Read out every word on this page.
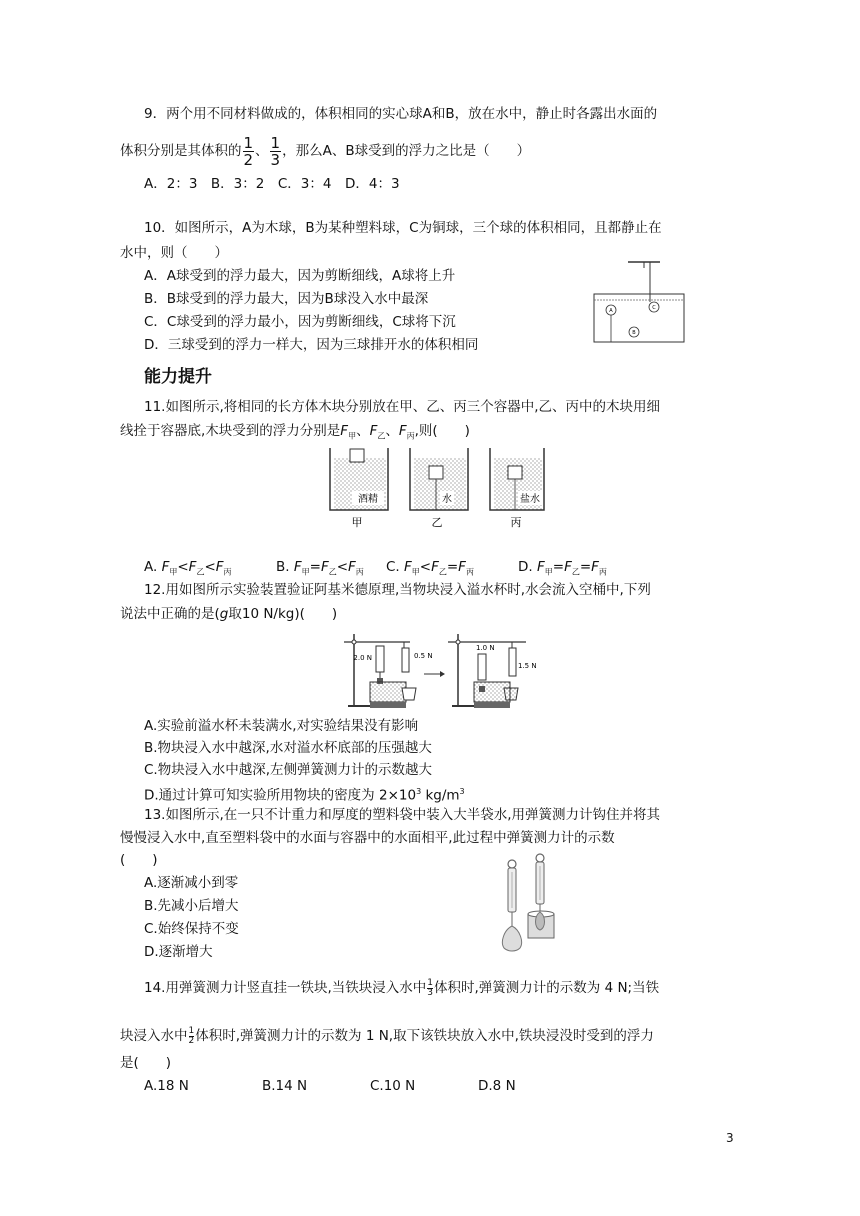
9．两个用不同材料做成的，体积相同的实心球A和B，放在水中，静止时各露出水面的
体积分别是其体积的 $\frac{1}{2}$ 、 $\frac{1}{3}$ ，那么A、B球受到的浮力之比是（　　）
A．2：3　B．3：2　C．3：4　D．4：3
10．如图所示，A为木球，B为某种塑料球，C为铜球，三个球的体积相同，且都静止在
水中，则（　　）
A．A球受到的浮力最大，因为剪断细线，A球将上升
B．B球受到的浮力最大，因为B球没入水中最深
C．C球受到的浮力最小，因为剪断细线，C球将下沉
D．三球受到的浮力一样大，因为三球排开水的体积相同
A
B
C
能力提升
11.如图所示,将相同的长方体木块分别放在甲、乙、丙三个容器中,乙、丙中的木块用细
线拴于容器底,木块受到的浮力分别是$F_甲$、$F_乙$、$F_丙$,则(　　)
酒精
甲
水
乙
盐水
丙
A. $F_甲<F_乙<F_丙$	B. $F_甲=F_乙<F_丙$ C. $F_甲<F_乙=F_丙$	D. $F_甲=F_乙=F_丙$
12.用如图所示实验装置验证阿基米德原理,当物块浸入溢水杯时,水会流入空桶中,下列
说法中正确的是(g取10 N/kg)(　　)
2.0 N	0.5 N
1.0 N
1.5 N
A.实验前溢水杯未装满水,对实验结果没有影响
B.物块浸入水中越深,水对溢水杯底部的压强越大
C.物块浸入水中越深,左侧弹簧测力计的示数越大
D.通过计算可知实验所用物块的密度为 $2\times 10^3$ $kg/m^3$
13.如图所示,在一只不计重力和厚度的塑料袋中装入大半袋水,用弹簧测力计钩住并将其
慢慢浸入水中,直至塑料袋中的水面与容器中的水面相平,此过程中弹簧测力计的示数
(　　)
A.逐渐减小到零
B.先减小后增大
C.始终保持不变
D.逐渐增大
14.用弹簧测力计竖直挂一铁块,当铁块浸入水中 $\frac{1}{3}$ 体积时,弹簧测力计的示数为 4 N;当铁
块浸入水中 $\frac{1}{2}$ 体积时,弹簧测力计的示数为 1 N,取下该铁块放入水中,铁块浸没时受到的浮力
是(　　)
A.18 N	B.14 N	C.10 N	D.8 N
3
